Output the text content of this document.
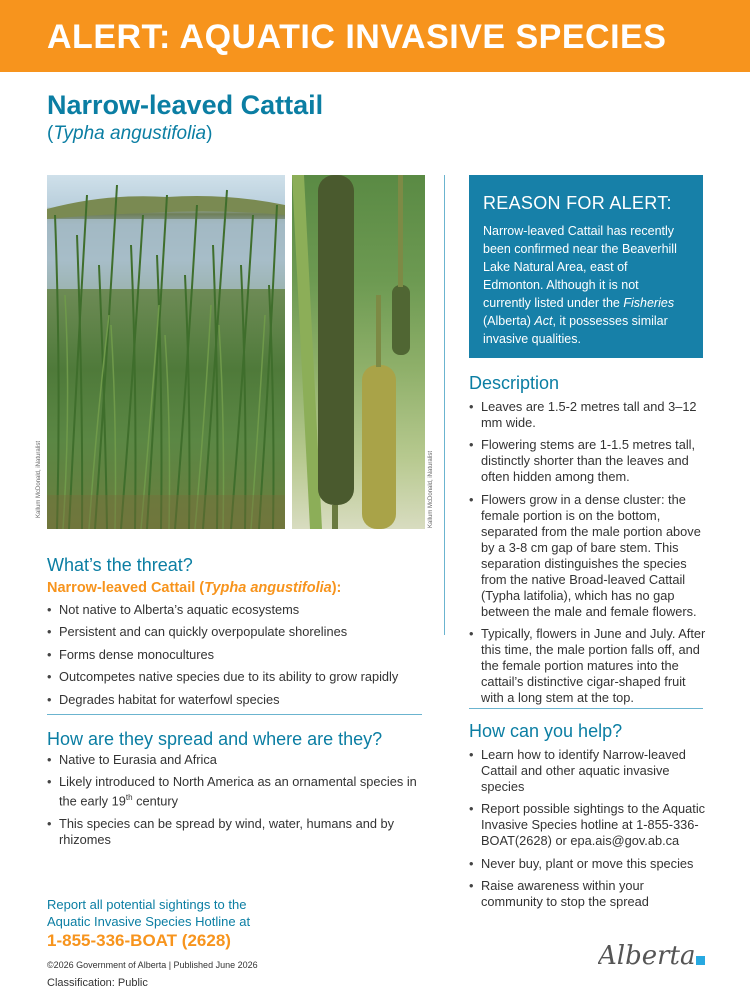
ALERT: AQUATIC INVASIVE SPECIES
Narrow-leaved Cattail
(Typha angustifolia)
Kallum McDonald, iNaturalist	Kallum McDonald, iNaturalist
REASON FOR ALERT:
Narrow-leaved Cattail has recently been confirmed near the Beaverhill Lake Natural Area, east of Edmonton. Although it is not currently listed under the Fisheries (Alberta) Act, it possesses similar invasive qualities.
What’s the threat?
Narrow-leaved Cattail (Typha angustifolia):
• Not native to Alberta’s aquatic ecosystems
• Persistent and can quickly overpopulate shorelines
• Forms dense monocultures
• Outcompetes native species due to its ability to grow rapidly
• Degrades habitat for waterfowl species
How are they spread and where are they?
• Native to Eurasia and Africa
• Likely introduced to North America as an ornamental species in the early 19th century
• This species can be spread by wind, water, humans and by rhizomes
Description
• Leaves are 1.5-2 metres tall and 3–12 mm wide.
• Flowering stems are 1-1.5 metres tall, distinctly shorter than the leaves and often hidden among them.
• Flowers grow in a dense cluster: the female portion is on the bottom, separated from the male portion above by a 3-8 cm gap of bare stem. This separation distinguishes the species from the native Broad-leaved Cattail (Typha latifolia), which has no gap between the male and female flowers.
• Typically, flowers in June and July. After this time, the male portion falls off, and the female portion matures into the cattail’s distinctive cigar-shaped fruit with a long stem at the top.
How can you help?
• Learn how to identify Narrow-leaved Cattail and other aquatic invasive species
• Report possible sightings to the Aquatic Invasive Species hotline at 1-855-336-BOAT(2628) or epa.ais@gov.ab.ca
• Never buy, plant or move this species
• Raise awareness within your community to stop the spread
Report all potential sightings to the
Aquatic Invasive Species Hotline at
1-855-336-BOAT (2628)
©2026 Government of Alberta | Published June 2026
Classification: Public
Alberta
